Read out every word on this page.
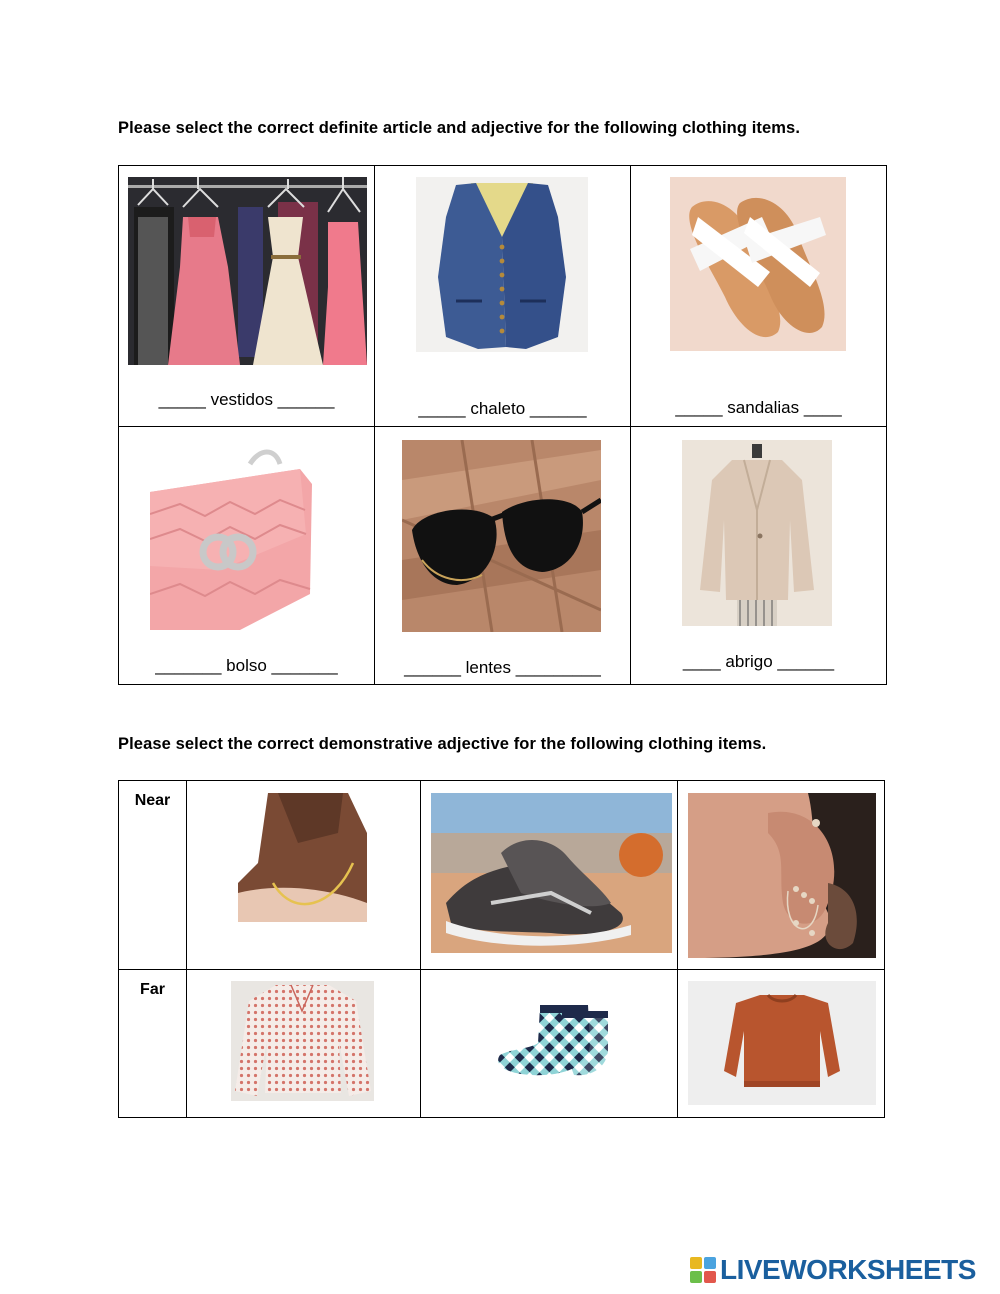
Please select the correct definite article and adjective for the following clothing items.
_____ vestidos ______	_____ chaleto ______	_____ sandalias ____

_______ bolso _______	______ lentes _________	____ abrigo ______
Please select the correct demonstrative adjective for the following clothing items.
Near

Far

LIVEWORKSHEETS
